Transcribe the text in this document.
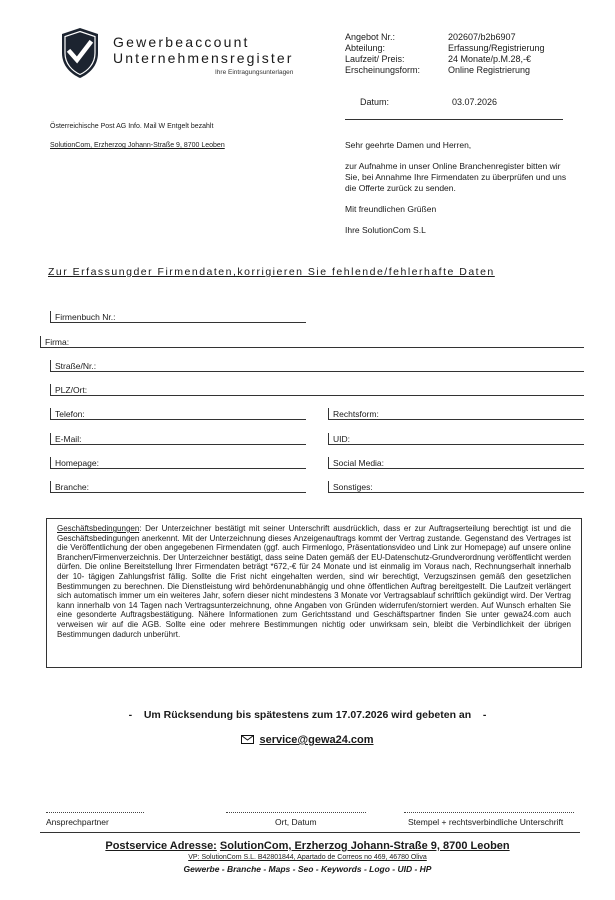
Gewerbeaccount
Unternehmensregister
Ihre Eintragungsunterlagen
Angebot Nr.:	202607/b2b6907
Abteilung:	Erfassung/Registrierung
Laufzeit/ Preis:	24 Monate/p.M.28,-€
Erscheinungsform:	Online Registrierung
Datum:	03.07.2026
Österreichische Post AG Info. Mail W Entgelt bezahlt
SolutionCom, Erzherzog Johann-Straße 9, 8700 Leoben	Sehr geehrte Damen und Herren,

zur Aufnahme in unser Online Branchenregister bitten wir Sie, bei Annahme Ihre Firmendaten zu überprüfen und uns die Offerte zurück zu senden.

Mit freundlichen Grüßen

Ihre SolutionCom S.L

Zur Erfassungder Firmendaten,korrigieren Sie fehlende/fehlerhafte Daten
Firmenbuch Nr.:
Firma:
Straße/Nr.:
PLZ/Ort:
Telefon:	Rechtsform:
E-Mail:	UID:
Homepage:	Social Media:
Branche:	Sonstiges:
Geschäftsbedingungen: Der Unterzeichner bestätigt mit seiner Unterschrift ausdrücklich, dass er zur Auftragserteilung berechtigt ist und die Geschäftsbedingungen anerkennt. Mit der Unterzeichnung dieses Anzeigenauftrags kommt der Vertrag zustande. Gegenstand des Vertrages ist die Veröffentlichung der oben angegebenen Firmendaten (ggf. auch Firmenlogo, Präsentationsvideo und Link zur Homepage) auf unsere online Branchen/Firmenverzeichnis. Der Unterzeichner bestätigt, dass seine Daten gemäß der EU-Datenschutz-Grundverordnung veröffentlicht werden dürfen. Die online Bereitstellung Ihrer Firmendaten beträgt *672,-€ für 24 Monate und ist einmalig im Voraus nach, Rechnungserhalt innerhalb der 10- tägigen Zahlungsfrist fällig. Sollte die Frist nicht eingehalten werden, sind wir berechtigt, Verzugszinsen gemäß den gesetzlichen Bestimmungen zu berechnen. Die Dienstleistung wird behördenunabhängig und ohne öffentlichen Auftrag bereitgestellt. Die Laufzeit verlängert sich automatisch immer um ein weiteres Jahr, sofern dieser nicht mindestens 3 Monate vor Vertragsablauf schriftlich gekündigt wird. Der Vertrag kann innerhalb von 14 Tagen nach Vertragsunterzeichnung, ohne Angaben von Gründen widerrufen/storniert werden. Auf Wunsch erhalten Sie eine gesonderte Auftragsbestätigung. Nähere Informationen zum Gerichtsstand und Geschäftspartner finden Sie unter gewa24.com auch verweisen wir auf die AGB. Sollte eine oder mehrere Bestimmungen nichtig oder unwirksam sein, bleibt die Verbindlichkeit der übrigen Bestimmungen dadurch unberührt.
-    Um Rücksendung bis spätestens zum 17.07.2026 wird gebeten an    -
service@gewa24.com
Ansprechpartner	Ort, Datum	Stempel + rechtsverbindliche Unterschrift
Postservice Adresse: SolutionCom, Erzherzog Johann-Straße 9, 8700 Leoben
VP: SolutionCom S.L. B42801844, Apartado de Correos no 469, 46780 Oliva
Gewerbe - Branche - Maps - Seo - Keywords - Logo - UID - HP
